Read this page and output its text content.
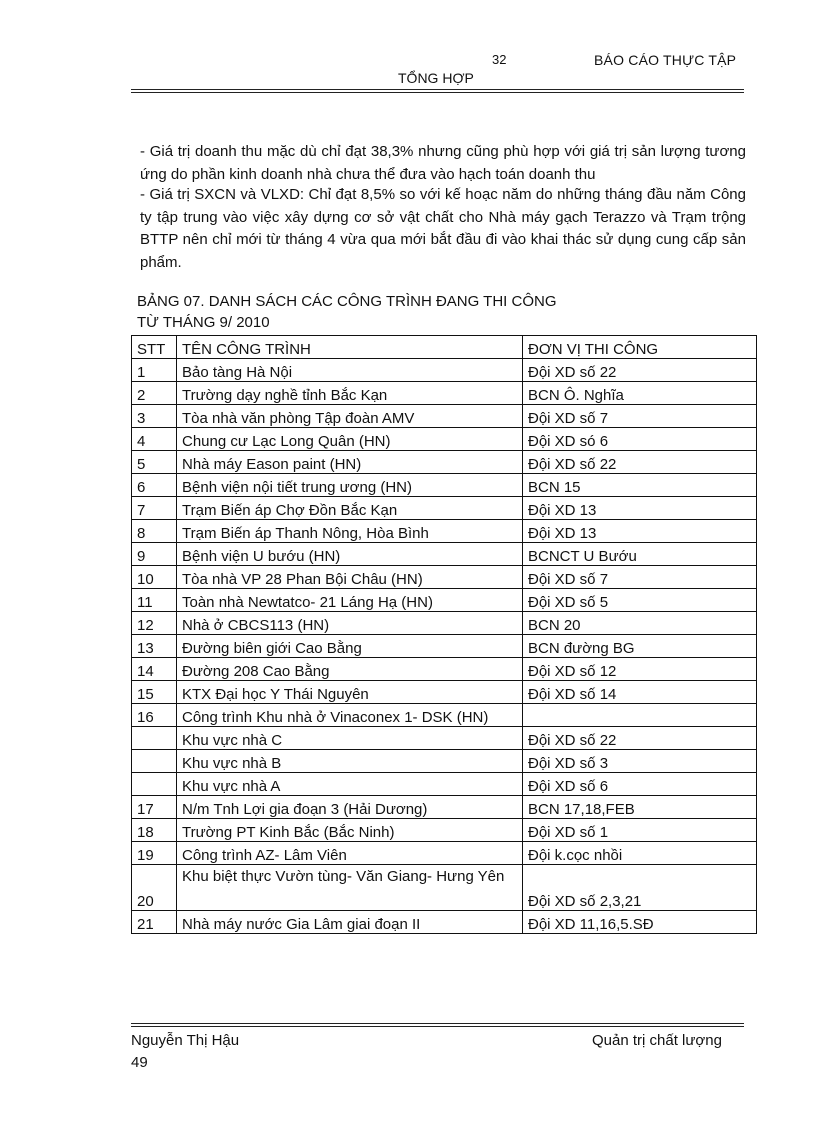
32	BÁO CÁO THỰC TẬP
TỔNG HỢP
- Giá trị doanh thu mặc dù chỉ đạt 38,3% nhưng cũng phù hợp với giá trị sản lượng tương ứng do phần kinh doanh nhà chưa thể đưa vào hạch toán doanh thu
- Giá trị SXCN và VLXD: Chỉ đạt 8,5% so với kế hoạc năm do những tháng đầu năm Công ty tập trung vào việc xây dựng cơ sở vật chất cho Nhà máy gạch Terazzo và Trạm trộng BTTP nên chỉ mới từ tháng 4 vừa qua mới bắt đầu đi vào khai thác sử dụng cung cấp sản phẩm.
BẢNG 07. DANH SÁCH CÁC CÔNG TRÌNH ĐANG THI CÔNG
TỪ THÁNG 9/ 2010
STT	TÊN CÔNG TRÌNH	ĐƠN VỊ THI CÔNG
1	Bảo tàng Hà Nội	Đội XD số 22
2	Trường dạy nghề tỉnh Bắc Kạn	BCN Ô. Nghĩa
3	Tòa nhà văn phòng Tập đoàn AMV	Đội XD số 7
4	Chung cư Lạc Long Quân (HN)	Đội XD só 6
5	Nhà máy Eason paint (HN)	Đội XD số 22
6	Bệnh viện nội tiết trung ương (HN)	BCN 15
7	Trạm Biến áp Chợ Đồn Bắc Kạn	Đội XD 13
8	Trạm Biến áp Thanh Nông, Hòa Bình	Đội XD 13
9	Bệnh viện U bướu (HN)	BCNCT U Bướu
10	Tòa nhà VP 28 Phan Bội Châu (HN)	Đội XD số 7
11	Toàn nhà Newtatco- 21 Láng Hạ (HN)	Đội XD số 5
12	Nhà ở CBCS113 (HN)	BCN 20
13	Đường biên giới Cao Bằng	BCN đường BG
14	Đường 208 Cao Bằng	Đội XD số 12
15	KTX Đại học Y Thái Nguyên	Đội XD số 14
16	Công trình Khu nhà ở Vinaconex 1- DSK (HN)	
	Khu vực nhà C	Đội XD số 22
	Khu vực nhà B	Đội XD số 3
	Khu vực nhà A	Đội XD số 6
17	N/m Tnh Lợi gia đoạn 3 (Hải Dương)	BCN 17,18,FEB
18	Trường PT Kinh Bắc (Bắc Ninh)	Đội XD số 1
19	Công trình AZ- Lâm Viên	Đội k.cọc nhồi
20	Khu biệt thực Vườn tùng- Văn Giang- Hưng Yên	Đội XD số 2,3,21
21	Nhà máy nước Gia Lâm giai đoạn II	Đội XD 11,16,5.SĐ
Nguyễn Thị Hậu
49
Quản trị chất lượng
